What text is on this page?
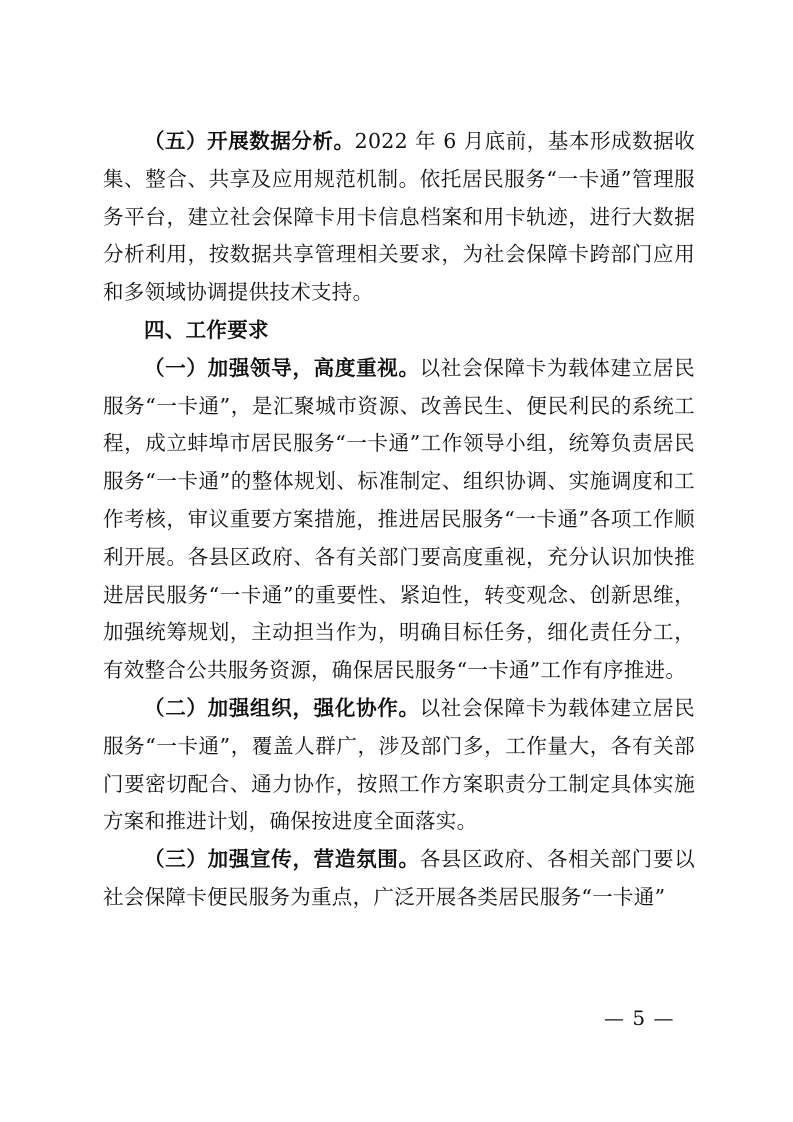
（五）开展数据分析。2022 年 6 月底前，基本形成数据收集、整合、共享及应用规范机制。依托居民服务“一卡通”管理服务平台，建立社会保障卡用卡信息档案和用卡轨迹，进行大数据分析利用，按数据共享管理相关要求，为社会保障卡跨部门应用和多领域协调提供技术支持。

四、工作要求

（一）加强领导，高度重视。以社会保障卡为载体建立居民服务“一卡通”，是汇聚城市资源、改善民生、便民利民的系统工程，成立蚌埠市居民服务“一卡通”工作领导小组，统筹负责居民服务“一卡通”的整体规划、标准制定、组织协调、实施调度和工作考核，审议重要方案措施，推进居民服务“一卡通”各项工作顺利开展。各县区政府、各有关部门要高度重视，充分认识加快推进居民服务“一卡通”的重要性、紧迫性，转变观念、创新思维，加强统筹规划，主动担当作为，明确目标任务，细化责任分工，有效整合公共服务资源，确保居民服务“一卡通”工作有序推进。

（二）加强组织，强化协作。以社会保障卡为载体建立居民服务“一卡通”，覆盖人群广，涉及部门多，工作量大，各有关部门要密切配合、通力协作，按照工作方案职责分工制定具体实施方案和推进计划，确保按进度全面落实。

（三）加强宣传，营造氛围。各县区政府、各相关部门要以社会保障卡便民服务为重点，广泛开展各类居民服务“一卡通”

— 5 —
